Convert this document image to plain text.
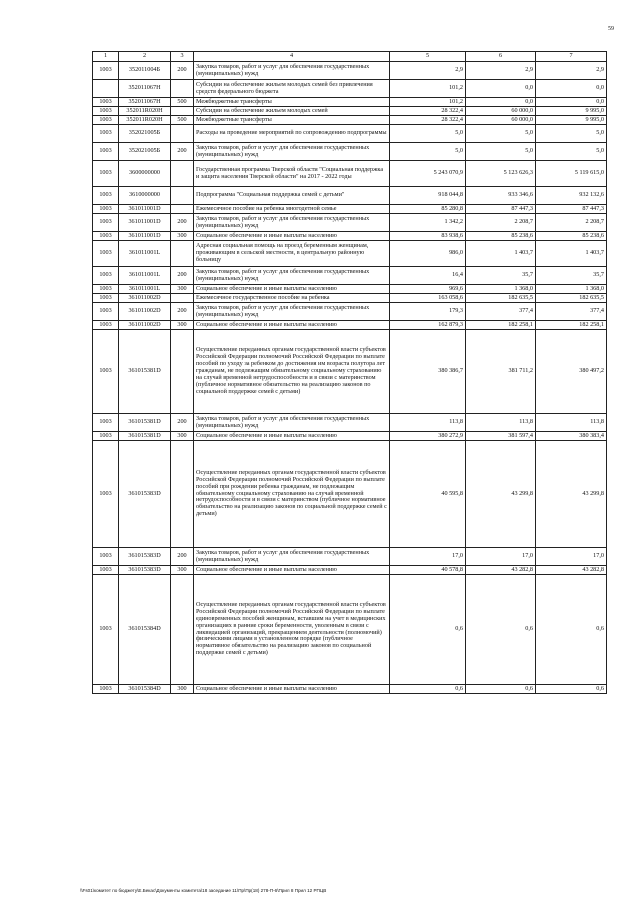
59
1	2	3	4	5	6	7
1003	352011004Б	200	Закупка товаров, работ и услуг для обеспечения государственных (муниципальных) нужд	2,9	2,9	2,9
	352011067Н		Субсидии на обеспечение жильем молодых семей без привлечения средств федерального бюджета	101,2	0,0	0,0
1003	352011067Н	500	Межбюджетные трансферты	101,2	0,0	0,0
1003	352011R020Н		Субсидии на обеспечение жильем молодых семей	28 322,4	60 000,0	9 995,0
1003	352011R020Н	500	Межбюджетные трансферты	28 322,4	60 000,0	9 995,0
1003	352021005Б		Расходы на проведение мероприятий по сопровождению подпрограммы	5,0	5,0	5,0
1003	352021005Б	200	Закупка товаров, работ и услуг для обеспечения государственных (муниципальных) нужд	5,0	5,0	5,0
1003	3600000000		Государственная программа Тверской области "Социальная поддержка и защита населения Тверской области" на 2017 - 2022 годы	5 243 070,9	5 123 626,3	5 119 615,0
1003	3610000000		Подпрограмма "Социальная поддержка семей с детьми"	918 044,8	933 346,6	932 132,6
1003	361011001D		Ежемесячное пособие на ребенка многодетной семье	85 280,8	87 447,3	87 447,3
1003	361011001D	200	Закупка товаров, работ и услуг для обеспечения государственных (муниципальных) нужд	1 342,2	2 208,7	2 208,7
1003	361011001D	300	Социальное обеспечение и иные выплаты населению	83 938,6	85 238,6	85 238,6
1003	361011001L		Адресная социальная помощь на проезд беременным женщинам, проживающим в сельской местности, в центральную районную больницу	986,0	1 403,7	1 403,7
1003	361011001L	200	Закупка товаров, работ и услуг для обеспечения государственных (муниципальных) нужд	16,4	35,7	35,7
1003	361011001L	300	Социальное обеспечение и иные выплаты населению	969,6	1 368,0	1 368,0
1003	361011002D		Ежемесячное государственное пособие на ребенка	163 058,6	182 635,5	182 635,5
1003	361011002D	200	Закупка товаров, работ и услуг для обеспечения государственных (муниципальных) нужд	179,3	377,4	377,4
1003	361011002D	300	Социальное обеспечение и иные выплаты населению	162 879,3	182 258,1	182 258,1
1003	361015381D		Осуществление переданных органам государственной власти субъектов Российской Федерации полномочий Российской Федерации по выплате пособий по уходу за ребенком до достижения им возраста полутора лет гражданам, не подлежащим обязательному социальному страхованию на случай временной нетрудоспособности и в связи с материнством (публичное нормативное обязательство на реализацию законов по социальной поддержке семей с детьми)	380 386,7	381 711,2	380 497,2
1003	361015381D	200	Закупка товаров, работ и услуг для обеспечения государственных (муниципальных) нужд	113,8	113,8	113,8
1003	361015381D	300	Социальное обеспечение и иные выплаты населению	380 272,9	381 597,4	380 383,4
1003	361015383D		Осуществление переданных органам государственной власти субъектов Российской Федерации полномочий Российской Федерации по выплате пособий при рождении ребенка гражданам, не подлежащим обязательному социальному страхованию на случай временной нетрудоспособности и в связи с материнством (публичное нормативное обязательство на реализацию законов по социальной поддержке семей с детьми)	40 595,8	43 299,8	43 299,8
1003	361015383D	200	Закупка товаров, работ и услуг для обеспечения государственных (муниципальных) нужд	17,0	17,0	17,0
1003	361015383D	300	Социальное обеспечение и иные выплаты населению	40 578,8	43 282,8	43 282,8
1003	361015384D		Осуществление переданных органам государственной власти субъектов Российской Федерации полномочий Российской Федерации по выплате единовременных пособий женщинам, вставшим на учет в медицинских организациях в ранние сроки беременности, уволенным в связи с ликвидацией организаций, прекращением деятельности (полномочий) физическими лицами в установленном порядке (публичное нормативное обязательство на реализацию законов по социальной поддержке семей с детьми)	0,6	0,6	0,6
1003	361015384D	300	Социальное обеспечение и иные выплаты населению	0,6	0,6	0,6
\\Fs01\комитет по бюджету\Е.Бекас\Документы комитета\18 заседание 11\Пр\Пр(18) 278-П-6\Прил 8 Прил 12 РПЦВ
